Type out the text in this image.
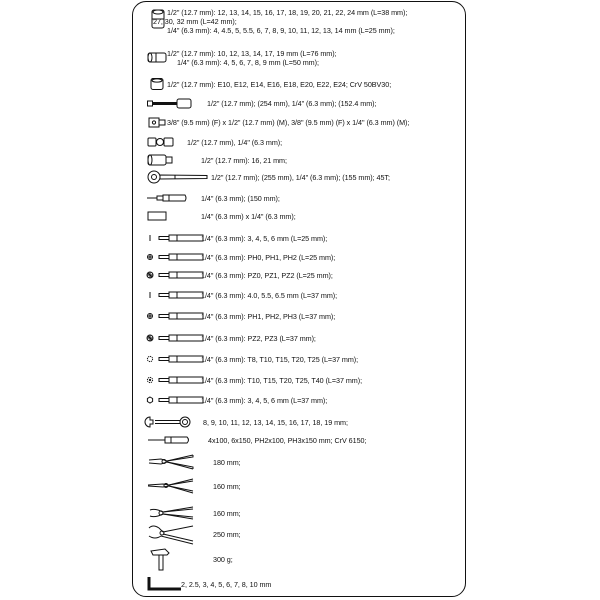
1/2" (12.7 mm): 12, 13, 14, 15, 16, 17, 18, 19, 20, 21, 22, 24 mm (L=38 mm);
27, 30, 32 mm (L=42 mm);
1/4" (6.3 mm): 4, 4.5, 5, 5.5, 6, 7, 8, 9, 10, 11, 12, 13, 14 mm (L=25 mm);
1/2" (12.7 mm): 10, 12, 13, 14, 17, 19 mm (L=76 mm);
1/4" (6.3 mm): 4, 5, 6, 7, 8, 9 mm (L=50 mm);
1/2" (12.7 mm): E10, E12, E14, E16, E18, E20, E22, E24; CrV 50BV30;
1/2" (12.7 mm); (254 mm), 1/4" (6.3 mm); (152.4 mm);
3/8" (9.5 mm) (F) x 1/2" (12.7 mm) (M), 3/8" (9.5 mm) (F) x 1/4" (6.3 mm) (M);
1/2" (12.7 mm), 1/4" (6.3 mm);
1/2" (12.7 mm): 16, 21 mm;
1/2" (12.7 mm); (255 mm), 1/4" (6.3 mm); (155 mm); 45T;
1/4" (6.3 mm); (150 mm);
1/4" (6.3 mm) x 1/4" (6.3 mm);
1/4" (6.3 mm): 3, 4, 5, 6 mm (L=25 mm);
1/4" (6.3 mm): PH0, PH1, PH2 (L=25 mm);
1/4" (6.3 mm): PZ0, PZ1, PZ2 (L=25 mm);
1/4" (6.3 mm): 4.0, 5.5, 6.5 mm (L=37 mm);
1/4" (6.3 mm): PH1, PH2, PH3 (L=37 mm);
1/4" (6.3 mm): PZ2, PZ3 (L=37 mm);
1/4" (6.3 mm): T8, T10, T15, T20, T25 (L=37 mm);
1/4" (6.3 mm): T10, T15, T20, T25, T40 (L=37 mm);
1/4" (6.3 mm): 3, 4, 5, 6 mm (L=37 mm);
8, 9, 10, 11, 12, 13, 14, 15, 16, 17, 18, 19 mm;
4x100, 6x150, PH2x100, PH3x150 mm; CrV 6150;
180 mm;
160 mm;
160 mm;
250 mm;
300 g;
2, 2.5, 3, 4, 5, 6, 7, 8, 10 mm
